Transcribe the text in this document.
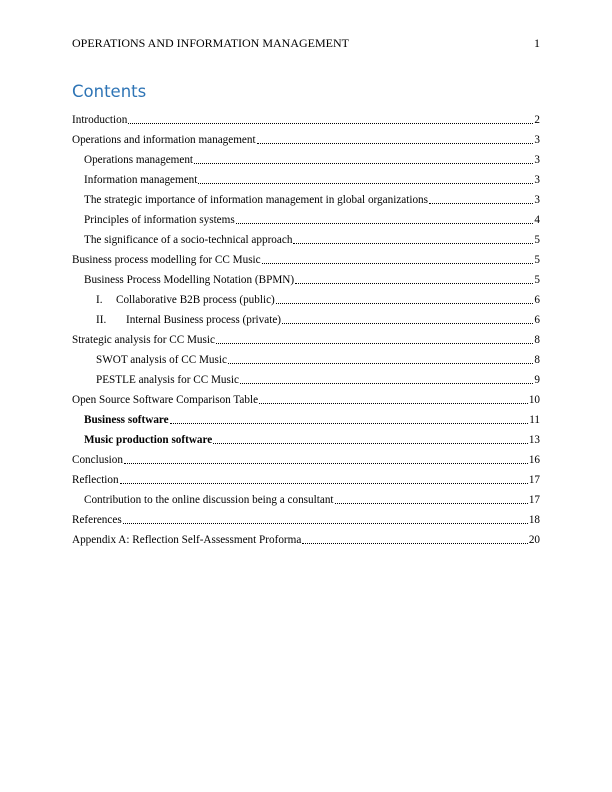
OPERATIONS AND INFORMATION MANAGEMENT	1
Contents
Introduction	2
Operations and information management	3
Operations management	3
Information management	3
The strategic importance of information management in global organizations	3
Principles of information systems	4
The significance of a socio-technical approach	5
Business process modelling for CC Music	5
Business Process Modelling Notation (BPMN)	5
I.	Collaborative B2B process (public)	6
II.	Internal Business process (private)	6
Strategic analysis for CC Music	8
SWOT analysis of CC Music	8
PESTLE analysis for CC Music	9
Open Source Software Comparison Table	10
Business software	11
Music production software	13
Conclusion	16
Reflection	17
Contribution to the online discussion being a consultant	17
References	18
Appendix A: Reflection Self-Assessment Proforma	20
